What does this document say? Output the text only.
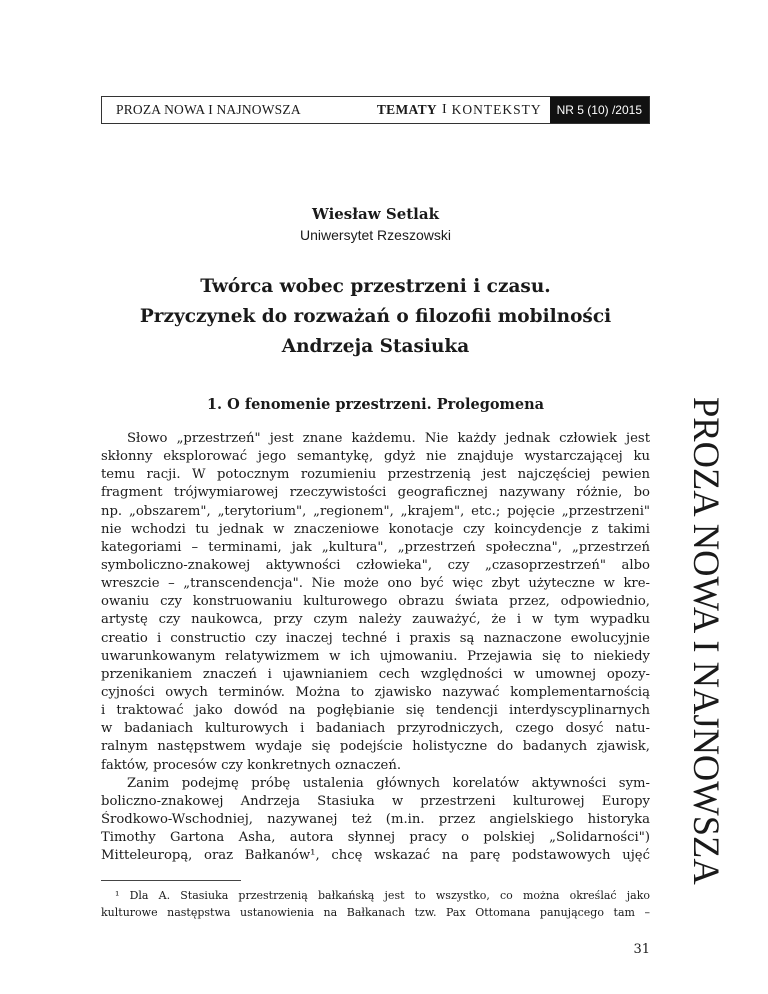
PROZA NOWA I NAJNOWSZA	TEMATY I KONTEKSTY	NR 5 (10) /2015
Wiesław Setlak
Uniwersytet Rzeszowski
Twórca wobec przestrzeni i czasu.
Przyczynek do rozważań o filozofii mobilności
Andrzeja Stasiuka
1. O fenomenie przestrzeni. Prolegomena
Słowo „przestrzeń" jest znane każdemu. Nie każdy jednak człowiek jest
skłonny eksplorować jego semantykę, gdyż nie znajduje wystarczającej ku
temu racji. W potocznym rozumieniu przestrzenią jest najczęściej pewien
fragment trójwymiarowej rzeczywistości geograficznej nazywany różnie, bo
np. „obszarem", „terytorium", „regionem", „krajem", etc.; pojęcie „przestrzeni"
nie wchodzi tu jednak w znaczeniowe konotacje czy koincydencje z takimi
kategoriami – terminami, jak „kultura", „przestrzeń społeczna", „przestrzeń
symboliczno-znakowej aktywności człowieka", czy „czasoprzestrzeń" albo
wreszcie – „transcendencja". Nie może ono być więc zbyt użyteczne w kre-
owaniu czy konstruowaniu kulturowego obrazu świata przez, odpowiednio,
artystę czy naukowca, przy czym należy zauważyć, że i w tym wypadku
creatio i constructio czy inaczej techné i praxis są naznaczone ewolucyjnie
uwarunkowanym relatywizmem w ich ujmowaniu. Przejawia się to niekiedy
przenikaniem znaczeń i ujawnianiem cech względności w umownej opozy-
cyjności owych terminów. Można to zjawisko nazywać komplementarnością
i traktować jako dowód na pogłębianie się tendencji interdyscyplinarnych
w badaniach kulturowych i badaniach przyrodniczych, czego dosyć natu-
ralnym następstwem wydaje się podejście holistyczne do badanych zjawisk,
faktów, procesów czy konkretnych oznaczeń.
Zanim podejmę próbę ustalenia głównych korelatów aktywności sym-
boliczno-znakowej Andrzeja Stasiuka w przestrzeni kulturowej Europy
Środkowo-Wschodniej, nazywanej też (m.in. przez angielskiego historyka
Timothy Gartona Asha, autora słynnej pracy o polskiej „Solidarności")
Mitteleuropą, oraz Bałkanów¹, chcę wskazać na parę podstawowych ujęć
¹ Dla A. Stasiuka przestrzenią bałkańską jest to wszystko, co można określać jako
kulturowe następstwa ustanowienia na Bałkanach tzw. Pax Ottomana panującego tam –
31
PROZA NOWA I NAJNOWSZA
